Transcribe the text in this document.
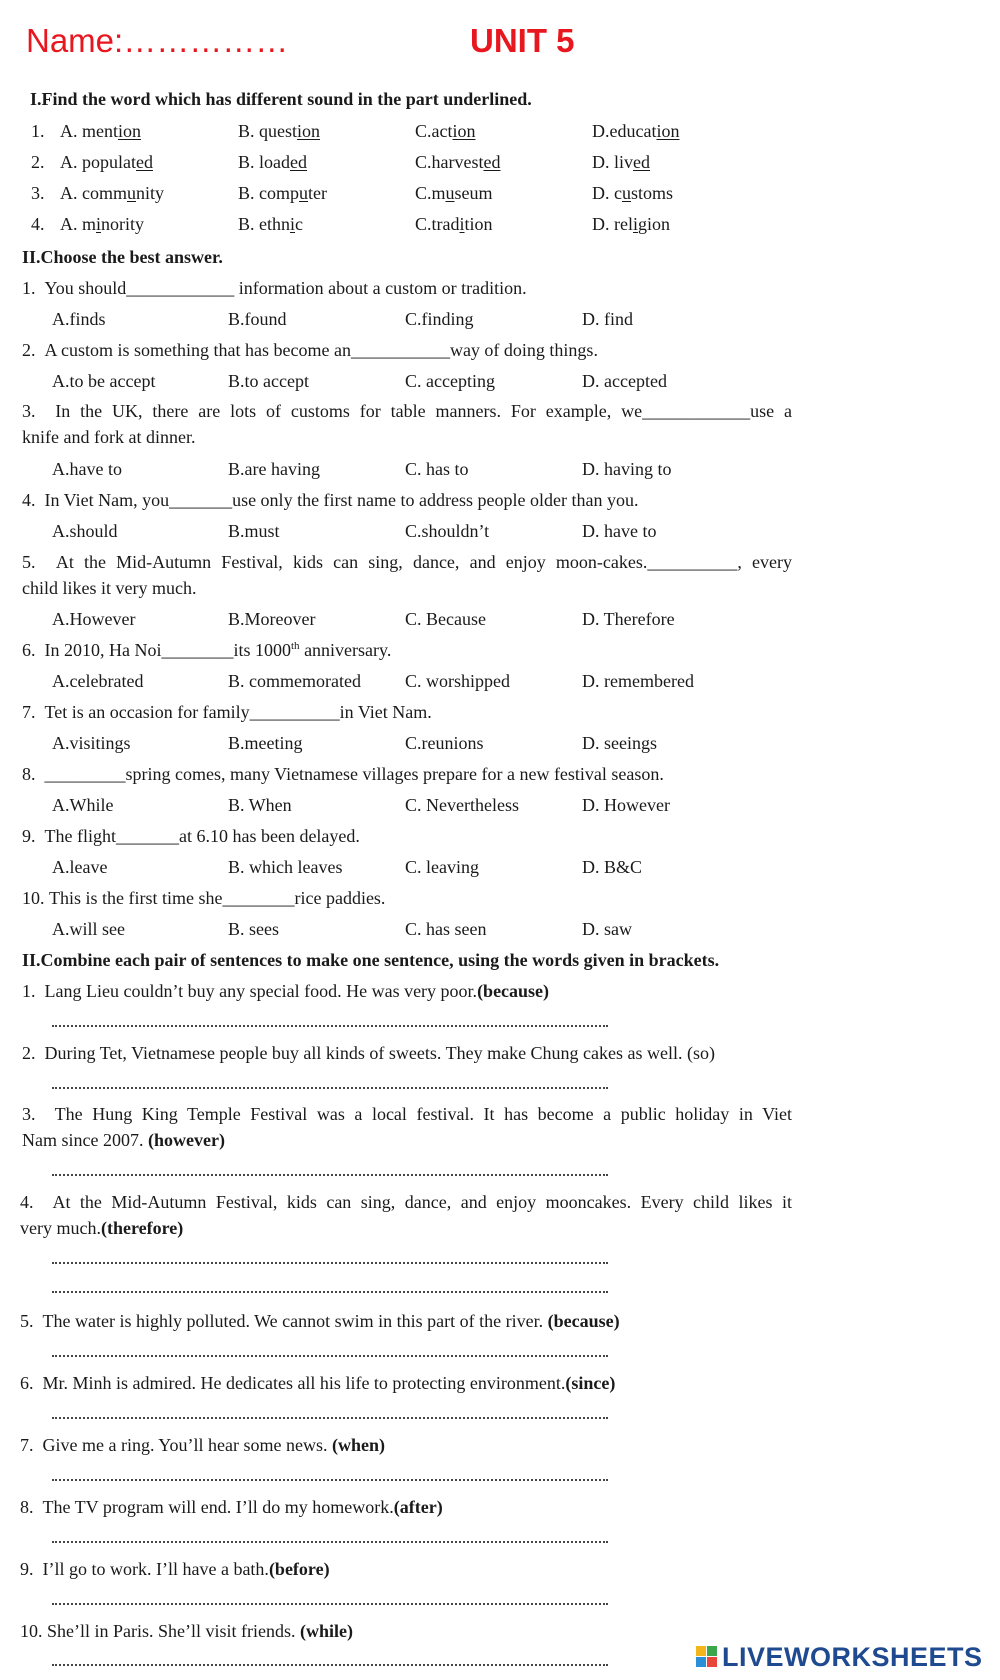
Name:……………	UNIT 5
I.Find the word which has different sound in the part underlined.
1. A. mention	B. question	C.action	D.education
2. A. populated	B. loaded	C.harvested	D. lived
3. A. community	B. computer	C.museum	D. customs
4. A. minority	B. ethnic	C.tradition	D. religion
II.Choose the best answer.
1. You should____________ information about a custom or tradition.
A.finds	B.found	C.finding	D. find
2. A custom is something that has become an___________way of doing things.
A.to be accept	B.to accept	C. accepting	D. accepted
3. In the UK, there are lots of customs for table manners. For example, we____________use a
knife and fork at dinner.
A.have to	B.are having	C. has to	D. having to
4. In Viet Nam, you_______use only the first name to address people older than you.
A.should	B.must	C.shouldn’t	D. have to
5. At the Mid-Autumn Festival, kids can sing, dance, and enjoy moon-cakes.__________, every
child likes it very much.
A.However	B.Moreover	C. Because	D. Therefore
6. In 2010, Ha Noi________its 1000th anniversary.
A.celebrated	B. commemorated C. worshipped	D. remembered
7. Tet is an occasion for family__________in Viet Nam.
A.visitings	B.meeting	C.reunions	D. seeings
8. _________spring comes, many Vietnamese villages prepare for a new festival season.
A.While	B. When	C. Nevertheless	D. However
9. The flight_______at 6.10 has been delayed.
A.leave	B. which leaves	C. leaving	D. B&C
10. This is the first time she________rice paddies.
A.will see	B. sees	C. has seen	D. saw
II.Combine each pair of sentences to make one sentence, using the words given in brackets.
1. Lang Lieu couldn’t buy any special food. He was very poor.(because)
2. During Tet, Vietnamese people buy all kinds of sweets. They make Chung cakes as well. (so)
3. The Hung King Temple Festival was a local festival. It has become a public holiday in Viet
Nam since 2007. (however)
4. At the Mid-Autumn Festival, kids can sing, dance, and enjoy mooncakes. Every child likes it
very much.(therefore)
5. The water is highly polluted. We cannot swim in this part of the river. (because)
6. Mr. Minh is admired. He dedicates all his life to protecting environment.(since)
7. Give me a ring. You’ll hear some news. (when)
8. The TV program will end. I’ll do my homework.(after)
9. I’ll go to work. I’ll have a bath.(before)
10. She’ll in Paris. She’ll visit friends. (while)
LIVEWORKSHEETS
